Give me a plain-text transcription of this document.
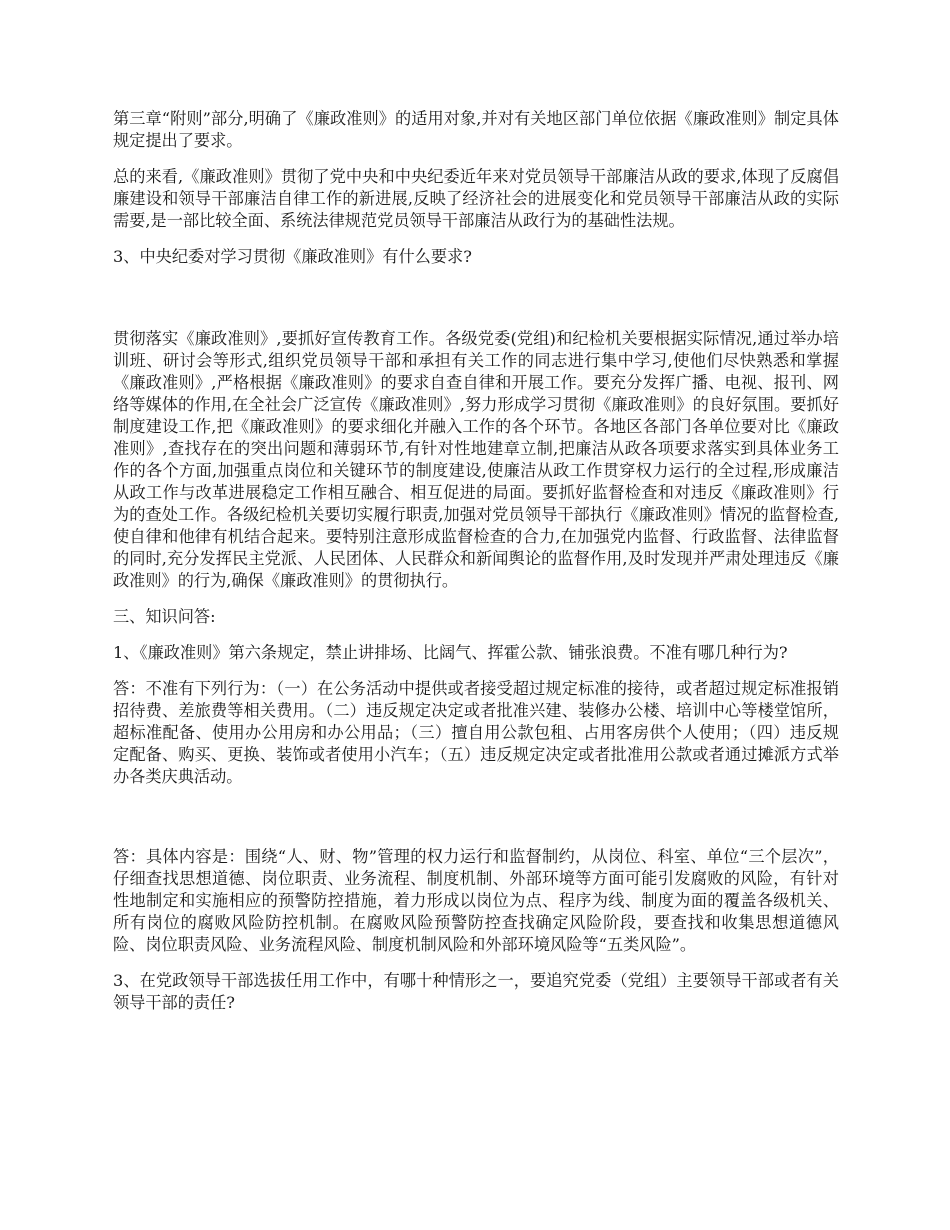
第三章“附则”部分,明确了《廉政准则》的适用对象,并对有关地区部门单位依据《廉政准则》制定具体规定提出了要求。

总的来看,《廉政准则》贯彻了党中央和中央纪委近年来对党员领导干部廉洁从政的要求,体现了反腐倡廉建设和领导干部廉洁自律工作的新进展,反映了经济社会的进展变化和党员领导干部廉洁从政的实际需要,是一部比较全面、系统法律规范党员领导干部廉洁从政行为的基础性法规。

3、中央纪委对学习贯彻《廉政准则》有什么要求?

贯彻落实《廉政准则》,要抓好宣传教育工作。各级党委(党组)和纪检机关要根据实际情况,通过举办培训班、研讨会等形式,组织党员领导干部和承担有关工作的同志进行集中学习,使他们尽快熟悉和掌握《廉政准则》,严格根据《廉政准则》的要求自查自律和开展工作。要充分发挥广播、电视、报刊、网络等媒体的作用,在全社会广泛宣传《廉政准则》,努力形成学习贯彻《廉政准则》的良好氛围。要抓好制度建设工作,把《廉政准则》的要求细化并融入工作的各个环节。各地区各部门各单位要对比《廉政准则》,查找存在的突出问题和薄弱环节,有针对性地建章立制,把廉洁从政各项要求落实到具体业务工作的各个方面,加强重点岗位和关键环节的制度建设,使廉洁从政工作贯穿权力运行的全过程,形成廉洁从政工作与改革进展稳定工作相互融合、相互促进的局面。要抓好监督检查和对违反《廉政准则》行为的查处工作。各级纪检机关要切实履行职责,加强对党员领导干部执行《廉政准则》情况的监督检查,使自律和他律有机结合起来。要特别注意形成监督检查的合力,在加强党内监督、行政监督、法律监督的同时,充分发挥民主党派、人民团体、人民群众和新闻舆论的监督作用,及时发现并严肃处理违反《廉政准则》的行为,确保《廉政准则》的贯彻执行。

三、知识问答:

1、《廉政准则》第六条规定，禁止讲排场、比阔气、挥霍公款、铺张浪费。不准有哪几种行为?

答：不准有下列行为：（一）在公务活动中提供或者接受超过规定标准的接待，或者超过规定标准报销招待费、差旅费等相关费用。（二）违反规定决定或者批准兴建、装修办公楼、培训中心等楼堂馆所，超标准配备、使用办公用房和办公用品；（三）擅自用公款包租、占用客房供个人使用；（四）违反规定配备、购买、更换、装饰或者使用小汽车；（五）违反规定决定或者批准用公款或者通过摊派方式举办各类庆典活动。

答：具体内容是：围绕“人、财、物”管理的权力运行和监督制约，从岗位、科室、单位“三个层次”，仔细查找思想道德、岗位职责、业务流程、制度机制、外部环境等方面可能引发腐败的风险，有针对性地制定和实施相应的预警防控措施，着力形成以岗位为点、程序为线、制度为面的覆盖各级机关、所有岗位的腐败风险防控机制。在腐败风险预警防控查找确定风险阶段，要查找和收集思想道德风险、岗位职责风险、业务流程风险、制度机制风险和外部环境风险等“五类风险”。

3、在党政领导干部选拔任用工作中，有哪十种情形之一，要追究党委（党组）主要领导干部或者有关领导干部的责任?
